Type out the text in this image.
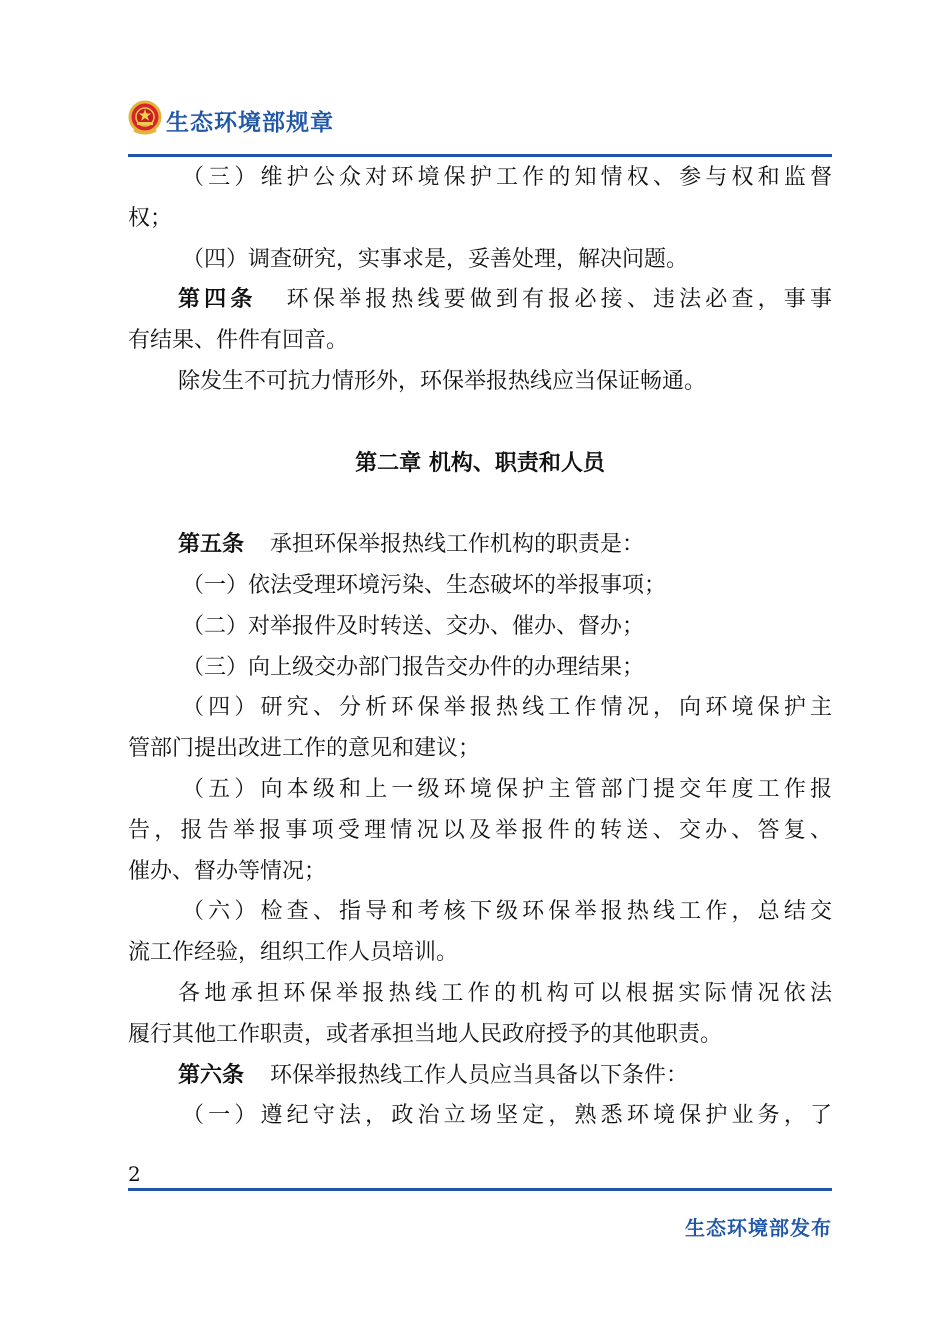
生态环境部规章
（三）维护公众对环境保护工作的知情权、参与权和监督
权；
（四）调查研究，实事求是，妥善处理，解决问题。
第四条 环保举报热线要做到有报必接、违法必查，事事
有结果、件件有回音。
除发生不可抗力情形外，环保举报热线应当保证畅通。
第二章 机构、职责和人员
第五条 承担环保举报热线工作机构的职责是：
（一）依法受理环境污染、生态破坏的举报事项；
（二）对举报件及时转送、交办、催办、督办；
（三）向上级交办部门报告交办件的办理结果；
（四）研究、分析环保举报热线工作情况，向环境保护主
管部门提出改进工作的意见和建议；
（五）向本级和上一级环境保护主管部门提交年度工作报
告，报告举报事项受理情况以及举报件的转送、交办、答复、
催办、督办等情况；
（六）检查、指导和考核下级环保举报热线工作，总结交
流工作经验，组织工作人员培训。
各地承担环保举报热线工作的机构可以根据实际情况依法
履行其他工作职责，或者承担当地人民政府授予的其他职责。
第六条 环保举报热线工作人员应当具备以下条件：
（一）遵纪守法，政治立场坚定，熟悉环境保护业务，了
2
生态环境部发布
